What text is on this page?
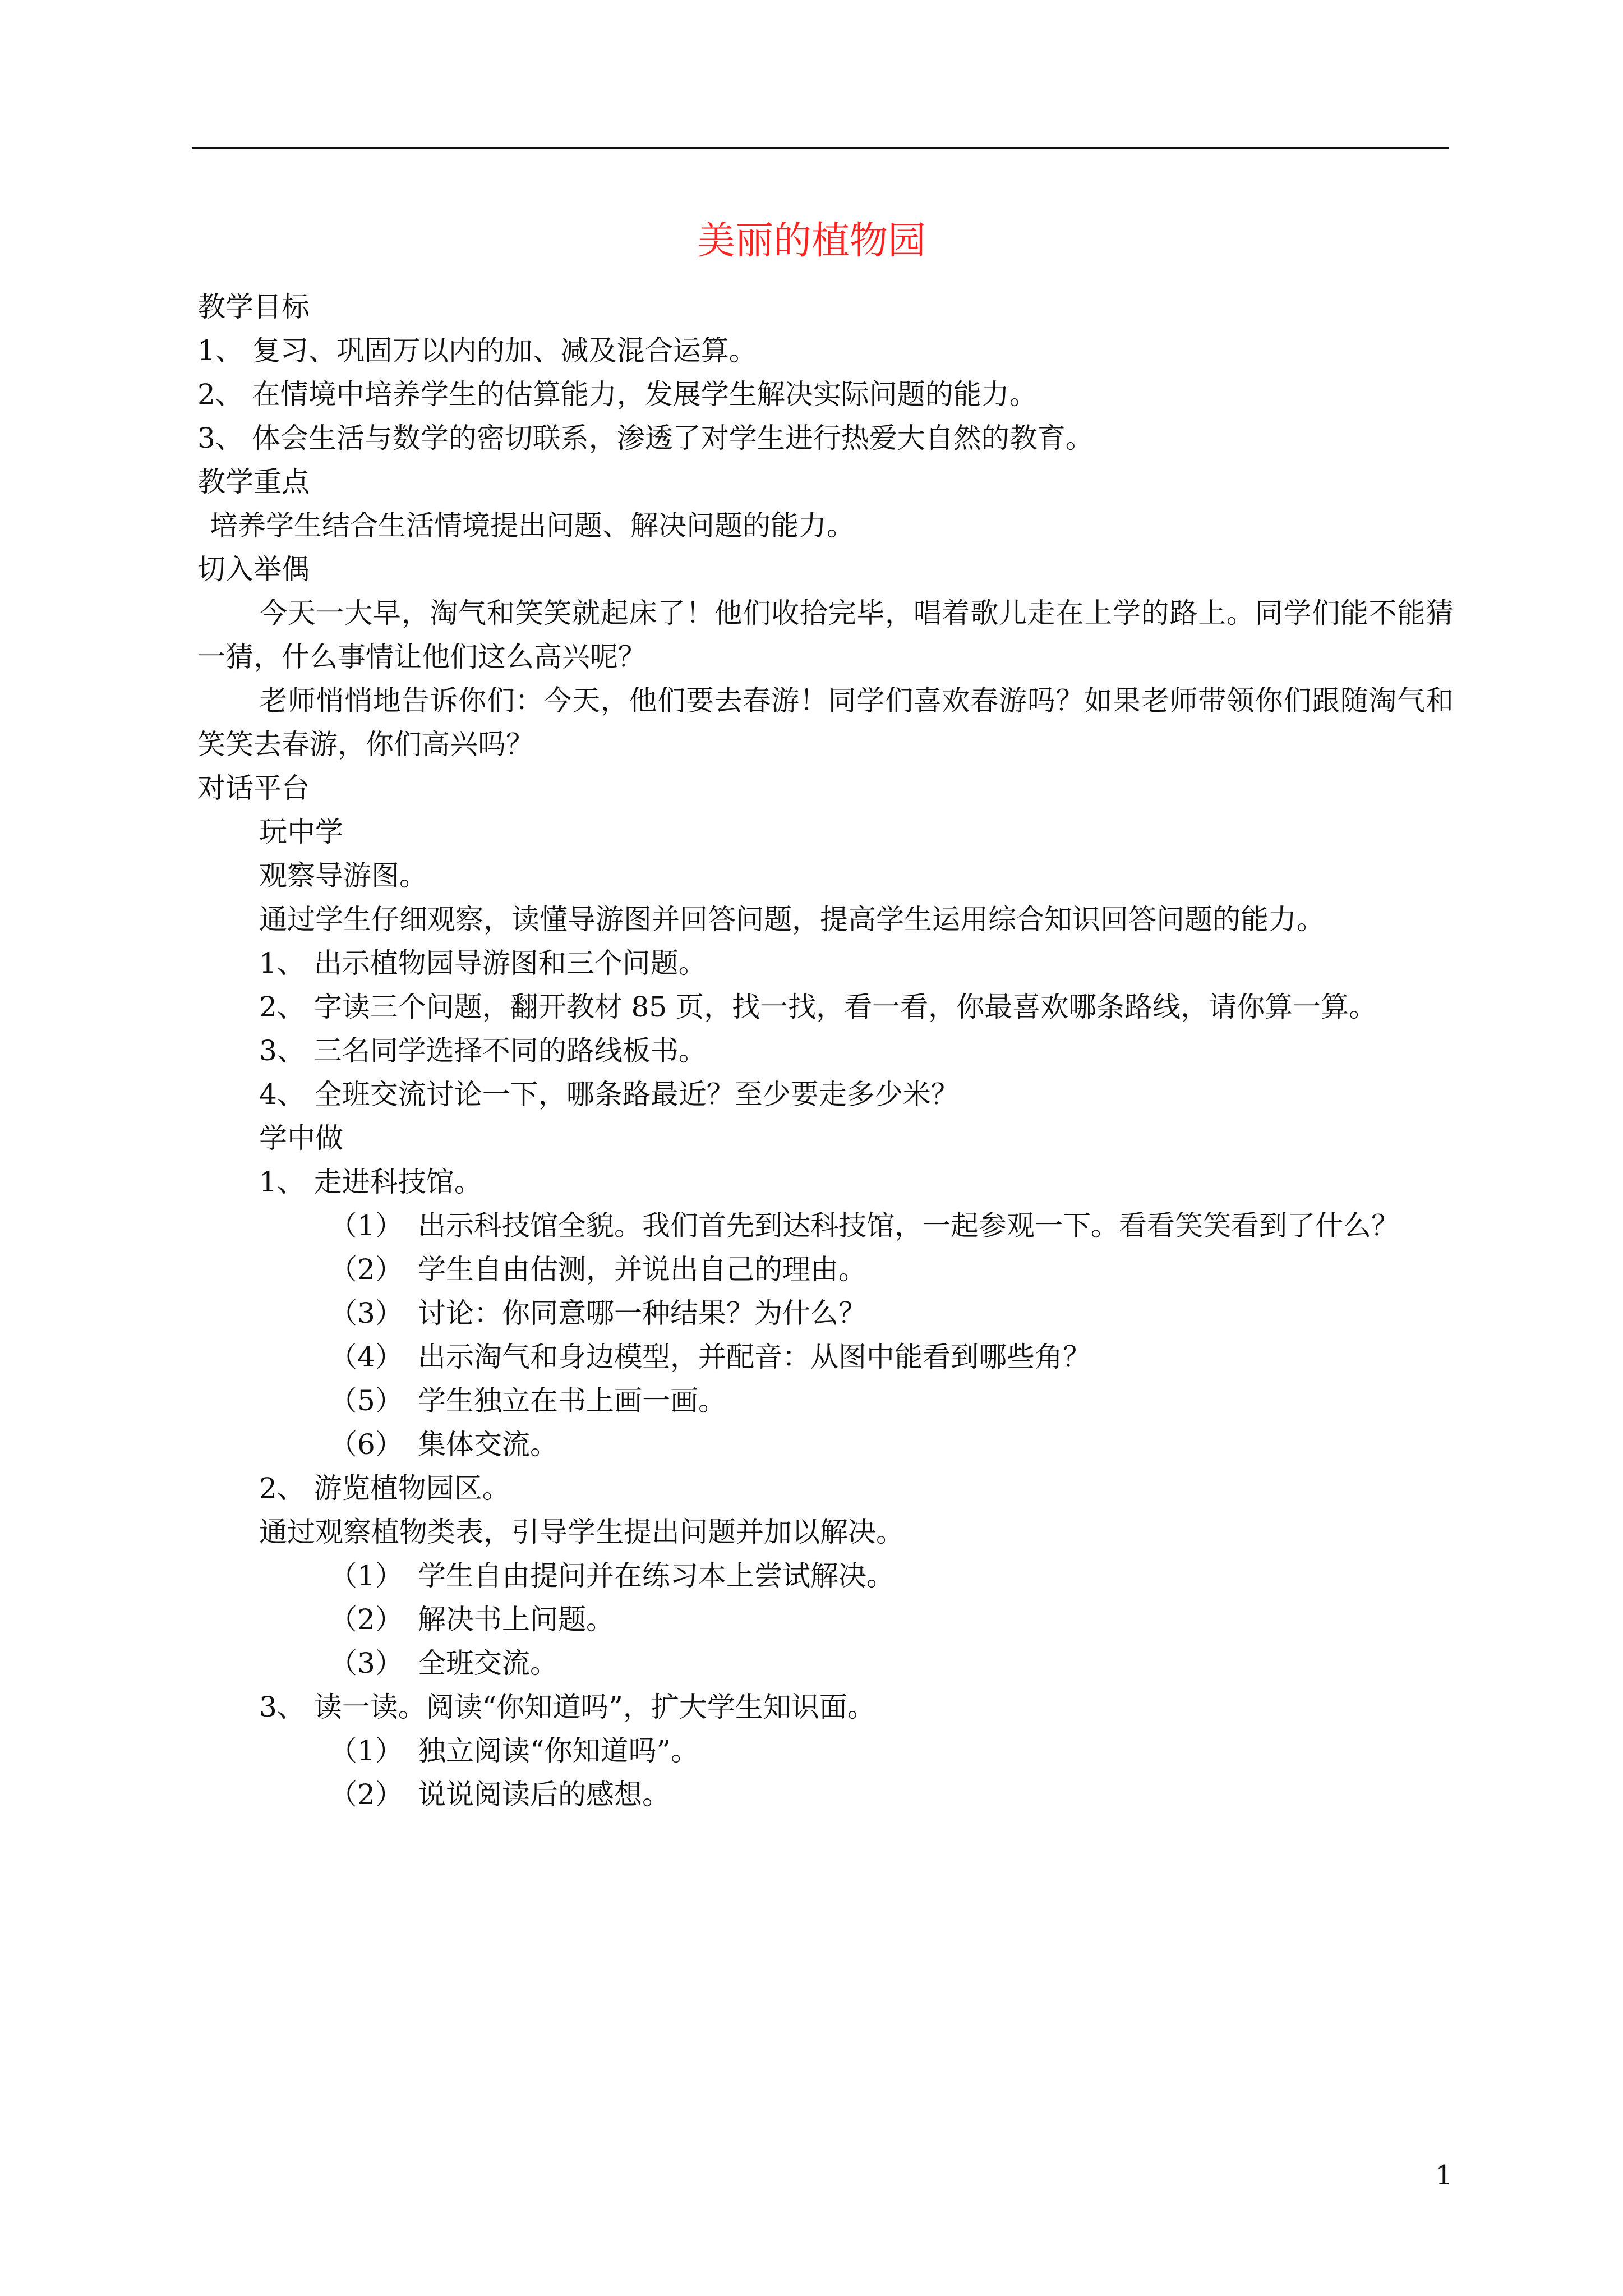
美丽的植物园
教学目标
1、 复习、巩固万以内的加、减及混合运算。
2、 在情境中培养学生的估算能力，发展学生解决实际问题的能力。
3、 体会生活与数学的密切联系，渗透了对学生进行热爱大自然的教育。
教学重点
培养学生结合生活情境提出问题、解决问题的能力。
切入举偶
今天一大早，淘气和笑笑就起床了！他们收拾完毕，唱着歌儿走在上学的路上。同学们能不能猜一猜，什么事情让他们这么高兴呢？
老师悄悄地告诉你们：今天，他们要去春游！同学们喜欢春游吗？如果老师带领你们跟随淘气和笑笑去春游，你们高兴吗？
对话平台
玩中学
观察导游图。
通过学生仔细观察，读懂导游图并回答问题，提高学生运用综合知识回答问题的能力。
1、 出示植物园导游图和三个问题。
2、 字读三个问题，翻开教材 85 页，找一找，看一看，你最喜欢哪条路线，请你算一算。
3、 三名同学选择不同的路线板书。
4、 全班交流讨论一下，哪条路最近？至少要走多少米？
学中做
1、 走进科技馆。
（1） 出示科技馆全貌。我们首先到达科技馆，一起参观一下。看看笑笑看到了什么？
（2） 学生自由估测，并说出自己的理由。
（3） 讨论：你同意哪一种结果？为什么？
（4） 出示淘气和身边模型，并配音：从图中能看到哪些角？
（5） 学生独立在书上画一画。
（6） 集体交流。
2、 游览植物园区。
通过观察植物类表，引导学生提出问题并加以解决。
（1） 学生自由提问并在练习本上尝试解决。
（2） 解决书上问题。
（3） 全班交流。
3、 读一读。阅读“你知道吗”，扩大学生知识面。
（1） 独立阅读“你知道吗”。
（2） 说说阅读后的感想。
1
